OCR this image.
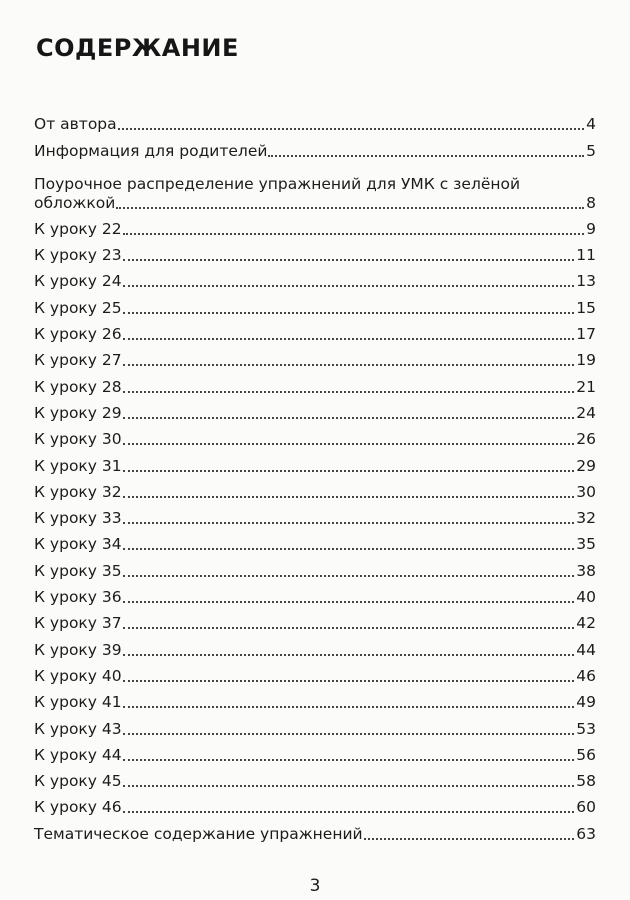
СОДЕРЖАНИЕ
От автора	4
Информация для родителей	5
Поурочное распределение упражнений для УМК с зелёной
обложкой	8
К уроку 22	9
К уроку 23	11
К уроку 24	13
К уроку 25	15
К уроку 26	17
К уроку 27	19
К уроку 28	21
К уроку 29	24
К уроку 30	26
К уроку 31	29
К уроку 32	30
К уроку 33	32
К уроку 34	35
К уроку 35	38
К уроку 36	40
К уроку 37	42
К уроку 39	44
К уроку 40	46
К уроку 41	49
К уроку 43	53
К уроку 44	56
К уроку 45	58
К уроку 46	60
Тематическое содержание упражнений	63
3
